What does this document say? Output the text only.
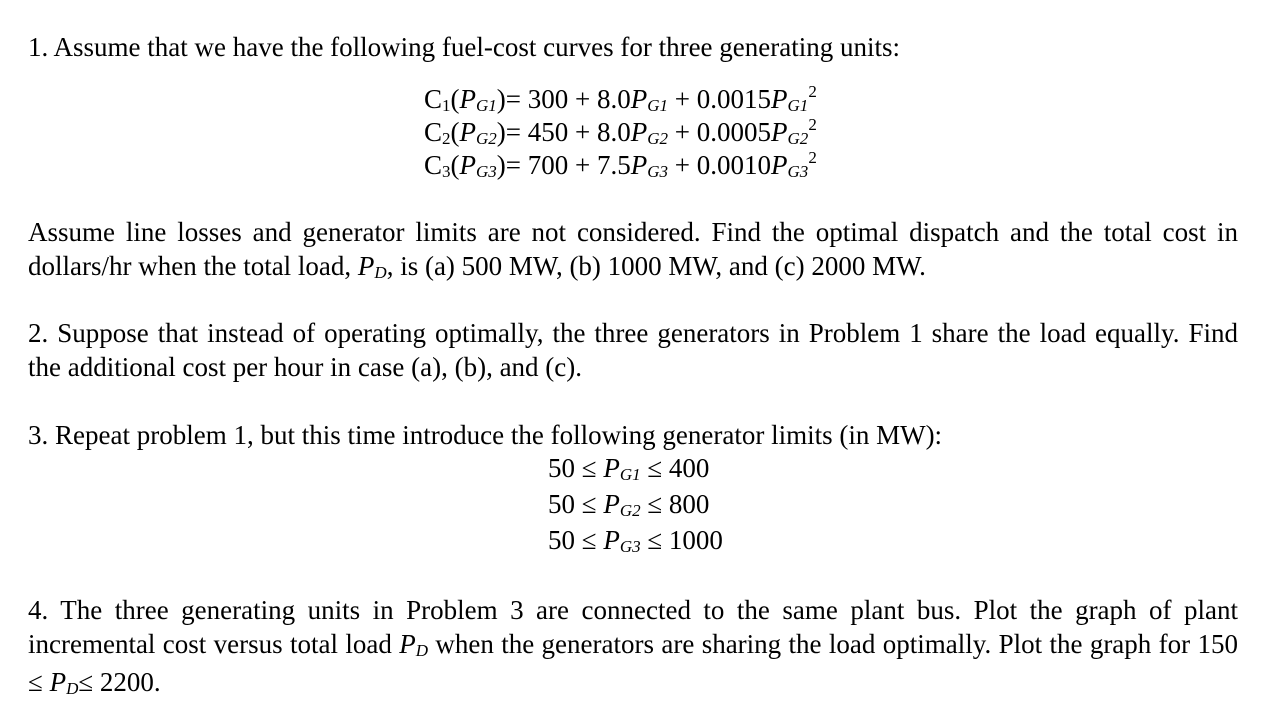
1. Assume that we have the following fuel-cost curves for three generating units:
$C1(PG1)= 300 + 8.0PG1 + 0.0015PG1^2$
$C2(PG2)= 450 + 8.0PG2 + 0.0005PG2^2$
$C3(PG3)= 700 + 7.5PG3 + 0.0010PG3^2$
Assume line losses and generator limits are not considered. Find the optimal dispatch and the total cost in dollars/hr when the total load, PD, is (a) 500 MW, (b) 1000 MW, and (c) 2000 MW.
2. Suppose that instead of operating optimally, the three generators in Problem 1 share the load equally. Find the additional cost per hour in case (a), (b), and (c).
3. Repeat problem 1, but this time introduce the following generator limits (in MW):
50 ≤ PG1 ≤ 400
50 ≤ PG2 ≤ 800
50 ≤ PG3 ≤ 1000
4. The three generating units in Problem 3 are connected to the same plant bus. Plot the graph of plant incremental cost versus total load PD when the generators are sharing the load optimally. Plot the graph for 150 ≤ PD≤ 2200.
